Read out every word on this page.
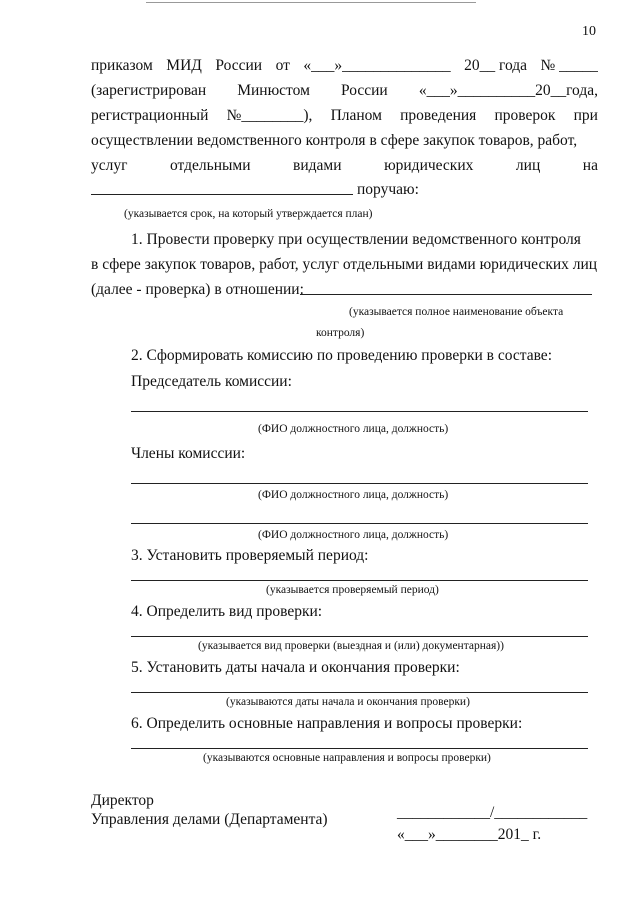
10
приказом МИД России от «___»______________ 20__ года № _____
(зарегистрирован Минюстом России «___»__________20__года,
регистрационный №________), Планом проведения проверок при
осуществлении ведомственного контроля в сфере закупок товаров, работ,
услуг	отдельными	видами	юридических	лиц	на
поручаю:
(указывается срок, на который утверждается план)
1. Провести проверку при осуществлении ведомственного контроля
в сфере закупок товаров, работ, услуг отдельными видами юридических лиц
(далее - проверка) в отношении:
(указывается полное наименование объекта
контроля)
2. Сформировать комиссию по проведению проверки в составе:
Председатель комиссии:
(ФИО должностного лица, должность)
Члены комиссии:
(ФИО должностного лица, должность)
(ФИО должностного лица, должность)
3. Установить проверяемый период:
(указывается проверяемый период)
4. Определить вид проверки:
(указывается вид проверки (выездная и (или) документарная))
5. Установить даты начала и окончания проверки:
(указываются даты начала и окончания проверки)
6. Определить основные направления и вопросы проверки:
(указываются основные направления и вопросы проверки)
Директор
Управления делами (Департамента)	____________/____________
«___»________201_ г.
